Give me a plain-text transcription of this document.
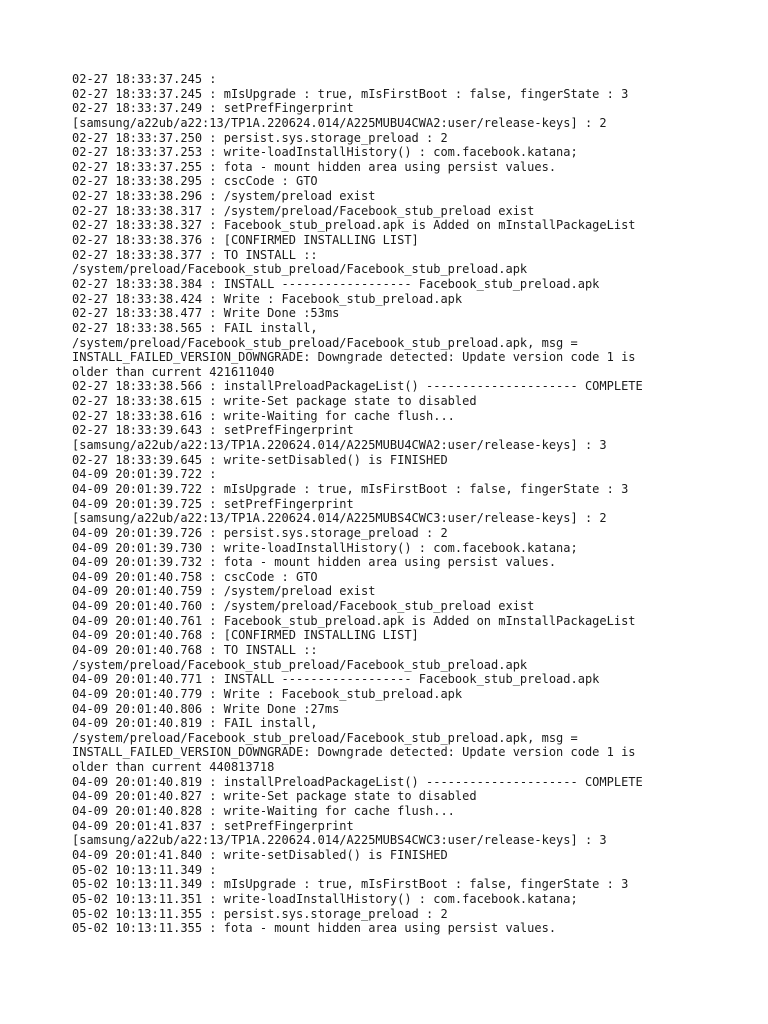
02-27 18:33:37.245 :
02-27 18:33:37.245 : mIsUpgrade : true, mIsFirstBoot : false, fingerState : 3
02-27 18:33:37.249 : setPrefFingerprint
[samsung/a22ub/a22:13/TP1A.220624.014/A225MUBU4CWA2:user/release-keys] : 2
02-27 18:33:37.250 : persist.sys.storage_preload : 2
02-27 18:33:37.253 : write-loadInstallHistory() : com.facebook.katana;
02-27 18:33:37.255 : fota - mount hidden area using persist values.
02-27 18:33:38.295 : cscCode : GTO
02-27 18:33:38.296 : /system/preload exist
02-27 18:33:38.317 : /system/preload/Facebook_stub_preload exist
02-27 18:33:38.327 : Facebook_stub_preload.apk is Added on mInstallPackageList
02-27 18:33:38.376 : [CONFIRMED INSTALLING LIST]
02-27 18:33:38.377 : TO INSTALL ::
/system/preload/Facebook_stub_preload/Facebook_stub_preload.apk
02-27 18:33:38.384 : INSTALL ------------------ Facebook_stub_preload.apk
02-27 18:33:38.424 : Write : Facebook_stub_preload.apk
02-27 18:33:38.477 : Write Done :53ms
02-27 18:33:38.565 : FAIL install,
/system/preload/Facebook_stub_preload/Facebook_stub_preload.apk, msg =
INSTALL_FAILED_VERSION_DOWNGRADE: Downgrade detected: Update version code 1 is
older than current 421611040
02-27 18:33:38.566 : installPreloadPackageList() --------------------- COMPLETE
02-27 18:33:38.615 : write-Set package state to disabled
02-27 18:33:38.616 : write-Waiting for cache flush...
02-27 18:33:39.643 : setPrefFingerprint
[samsung/a22ub/a22:13/TP1A.220624.014/A225MUBU4CWA2:user/release-keys] : 3
02-27 18:33:39.645 : write-setDisabled() is FINISHED
04-09 20:01:39.722 :
04-09 20:01:39.722 : mIsUpgrade : true, mIsFirstBoot : false, fingerState : 3
04-09 20:01:39.725 : setPrefFingerprint
[samsung/a22ub/a22:13/TP1A.220624.014/A225MUBS4CWC3:user/release-keys] : 2
04-09 20:01:39.726 : persist.sys.storage_preload : 2
04-09 20:01:39.730 : write-loadInstallHistory() : com.facebook.katana;
04-09 20:01:39.732 : fota - mount hidden area using persist values.
04-09 20:01:40.758 : cscCode : GTO
04-09 20:01:40.759 : /system/preload exist
04-09 20:01:40.760 : /system/preload/Facebook_stub_preload exist
04-09 20:01:40.761 : Facebook_stub_preload.apk is Added on mInstallPackageList
04-09 20:01:40.768 : [CONFIRMED INSTALLING LIST]
04-09 20:01:40.768 : TO INSTALL ::
/system/preload/Facebook_stub_preload/Facebook_stub_preload.apk
04-09 20:01:40.771 : INSTALL ------------------ Facebook_stub_preload.apk
04-09 20:01:40.779 : Write : Facebook_stub_preload.apk
04-09 20:01:40.806 : Write Done :27ms
04-09 20:01:40.819 : FAIL install,
/system/preload/Facebook_stub_preload/Facebook_stub_preload.apk, msg =
INSTALL_FAILED_VERSION_DOWNGRADE: Downgrade detected: Update version code 1 is
older than current 440813718
04-09 20:01:40.819 : installPreloadPackageList() --------------------- COMPLETE
04-09 20:01:40.827 : write-Set package state to disabled
04-09 20:01:40.828 : write-Waiting for cache flush...
04-09 20:01:41.837 : setPrefFingerprint
[samsung/a22ub/a22:13/TP1A.220624.014/A225MUBS4CWC3:user/release-keys] : 3
04-09 20:01:41.840 : write-setDisabled() is FINISHED
05-02 10:13:11.349 :
05-02 10:13:11.349 : mIsUpgrade : true, mIsFirstBoot : false, fingerState : 3
05-02 10:13:11.351 : write-loadInstallHistory() : com.facebook.katana;
05-02 10:13:11.355 : persist.sys.storage_preload : 2
05-02 10:13:11.355 : fota - mount hidden area using persist values.
